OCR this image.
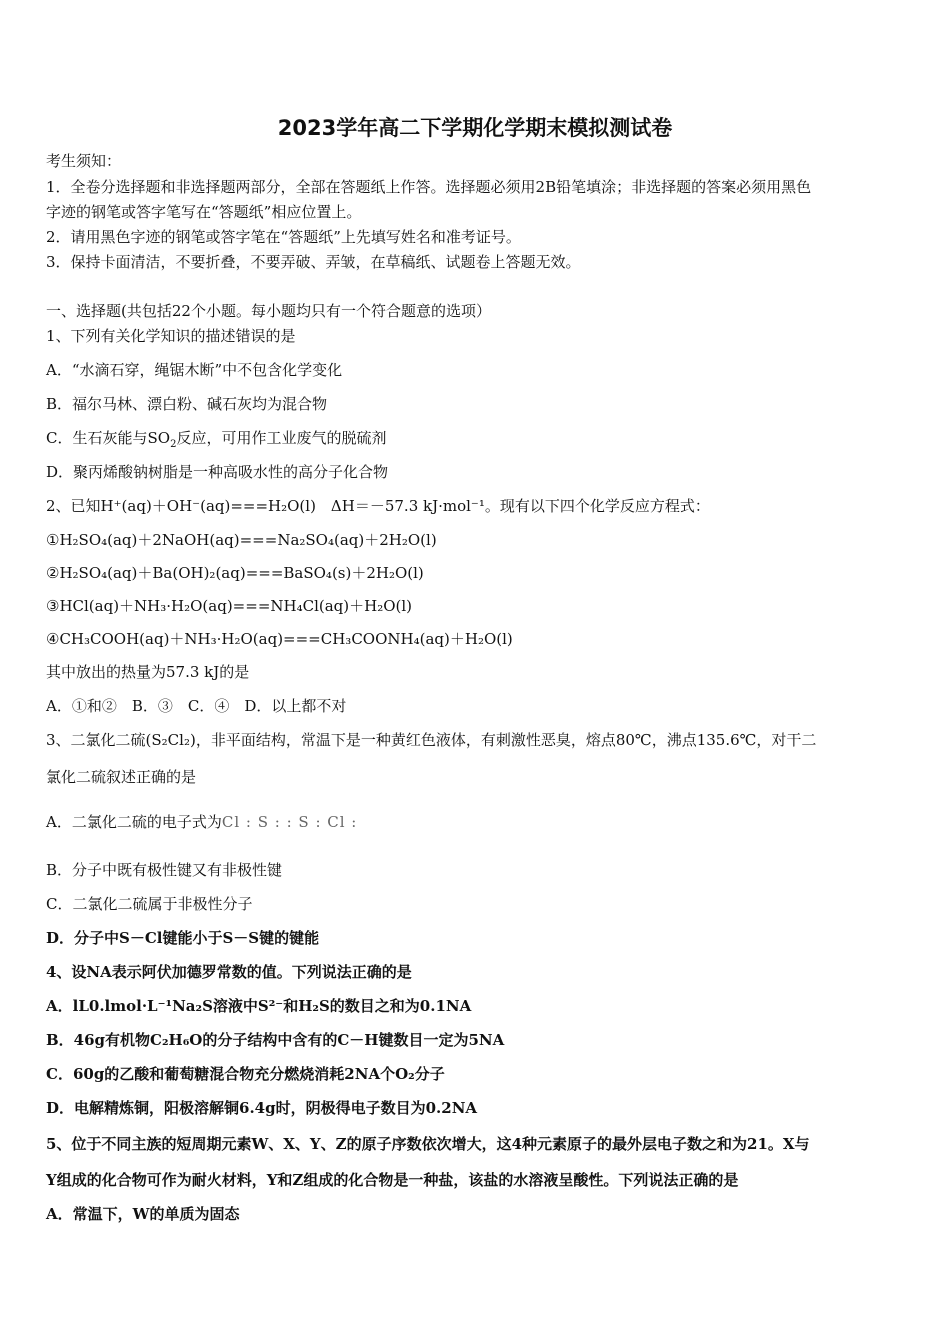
2023学年高二下学期化学期末模拟测试卷
考生须知：
1．全卷分选择题和非选择题两部分，全部在答题纸上作答。选择题必须用2B铅笔填涂；非选择题的答案必须用黑色
字迹的钢笔或答字笔写在“答题纸”相应位置上。
2．请用黑色字迹的钢笔或答字笔在“答题纸”上先填写姓名和准考证号。
3．保持卡面清洁，不要折叠，不要弄破、弄皱，在草稿纸、试题卷上答题无效。
一、选择题(共包括22个小题。每小题均只有一个符合题意的选项）
1、下列有关化学知识的描述错误的是
A．“水滴石穿，绳锯木断”中不包含化学变化
B．福尔马林、漂白粉、碱石灰均为混合物
C．生石灰能与$SO_2$反应，可用作工业废气的脱硫剂
D．聚丙烯酸钠树脂是一种高吸水性的高分子化合物
2、已知H⁺(aq)＋OH⁻(aq)===H₂O(l)　ΔH＝－57.3 kJ·mol⁻¹。现有以下四个化学反应方程式：
①H₂SO₄(aq)＋2NaOH(aq)===Na₂SO₄(aq)＋2H₂O(l)
②H₂SO₄(aq)＋Ba(OH)₂(aq)===BaSO₄(s)＋2H₂O(l)
③HCl(aq)＋NH₃·H₂O(aq)===NH₄Cl(aq)＋H₂O(l)
④CH₃COOH(aq)＋NH₃·H₂O(aq)===CH₃COONH₄(aq)＋H₂O(l)
其中放出的热量为57.3 kJ的是
A．①和②　B．③　C．④　D．以上都不对
3、二氯化二硫(S₂Cl₂)，非平面结构，常温下是一种黄红色液体，有刺激性恶臭，熔点80℃，沸点135.6℃，对干二
氯化二硫叙述正确的是
A．二氯化二硫的电子式为Cl : S : : S : Cl :
B．分子中既有极性键又有非极性键
C．二氯化二硫属于非极性分子
D．分子中S－Cl键能小于S－S键的键能
4、设NA表示阿伏加德罗常数的值。下列说法正确的是
A．lL0.lmol·L⁻¹Na₂S溶液中S²⁻和H₂S的数目之和为0.1NA
B．46g有机物C₂H₆O的分子结构中含有的C－H键数目一定为5NA
C．60g的乙酸和葡萄糖混合物充分燃烧消耗2NA个O₂分子
D．电解精炼铜，阳极溶解铜6.4g时，阴极得电子数目为0.2NA
5、位于不同主族的短周期元素W、X、Y、Z的原子序数依次增大，这4种元素原子的最外层电子数之和为21。X与
Y组成的化合物可作为耐火材料，Y和Z组成的化合物是一种盐，该盐的水溶液呈酸性。下列说法正确的是
A．常温下，W的单质为固态
